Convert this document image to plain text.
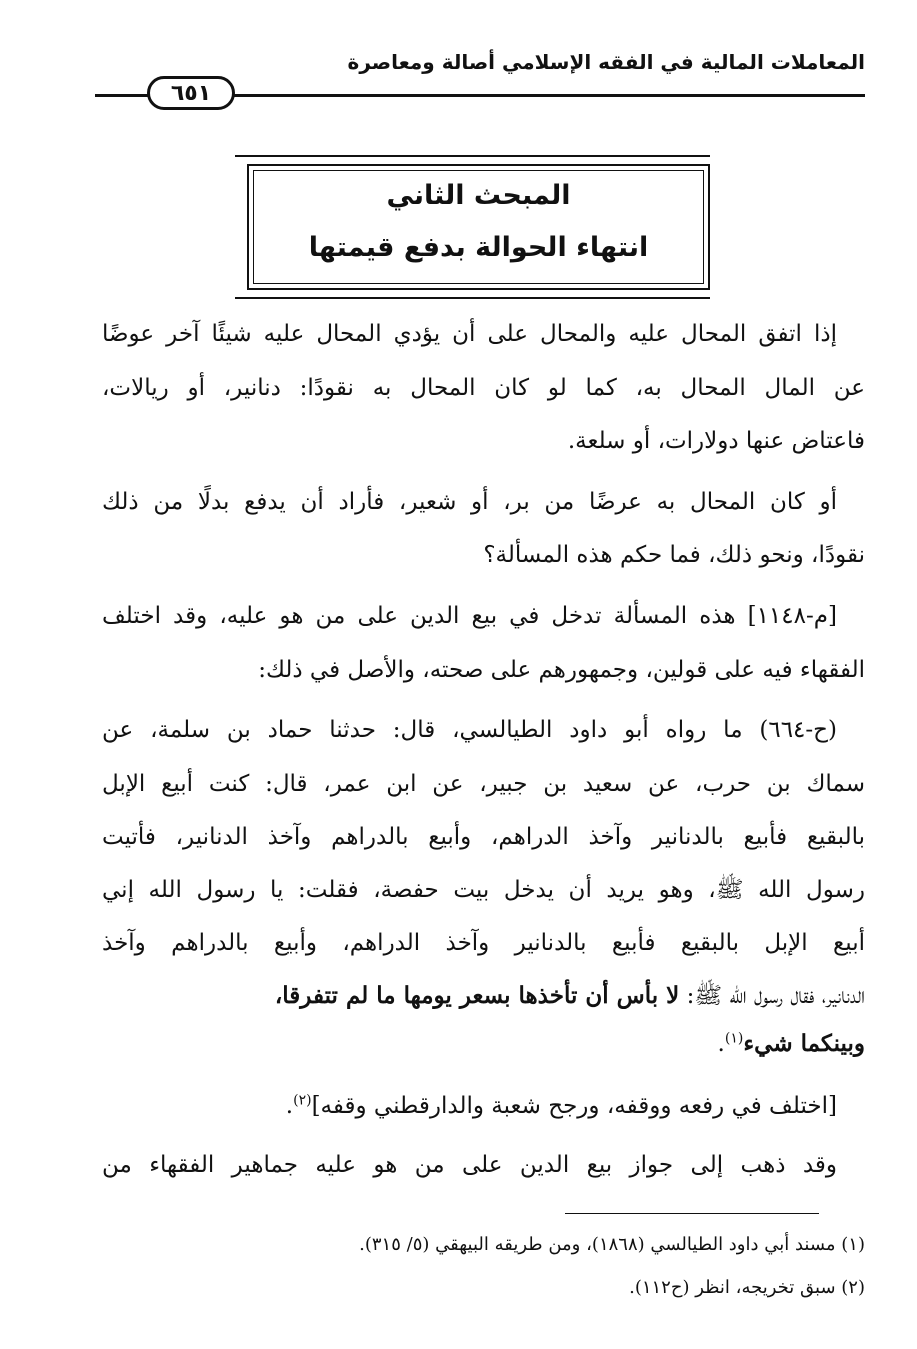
المعاملات المالية في الفقه الإسلامي أصالة ومعاصرة
٦٥١
المبحث الثاني
انتهاء الحوالة بدفع قيمتها
إذا اتفق المحال عليه والمحال على أن يؤدي المحال عليه شيئًا آخر عوضًا
عن المال المحال به، كما لو كان المحال به نقودًا: دنانير، أو ريالات،
فاعتاض عنها دولارات، أو سلعة.
أو كان المحال به عرضًا من بر، أو شعير، فأراد أن يدفع بدلًا من ذلك
نقودًا، ونحو ذلك، فما حكم هذه المسألة؟
[م-١١٤٨] هذه المسألة تدخل في بيع الدين على من هو عليه، وقد اختلف
الفقهاء فيه على قولين، وجمهورهم على صحته، والأصل في ذلك:
(ح-٦٦٤) ما رواه أبو داود الطيالسي، قال: حدثنا حماد بن سلمة، عن
سماك بن حرب، عن سعيد بن جبير، عن ابن عمر، قال: كنت أبيع الإبل
بالبقيع فأبيع بالدنانير وآخذ الدراهم، وأبيع بالدراهم وآخذ الدنانير، فأتيت
رسول الله ﷺ، وهو يريد أن يدخل بيت حفصة، فقلت: يا رسول الله إني
أبيع الإبل بالبقيع فأبيع بالدنانير وآخذ الدراهم، وأبيع بالدراهم وآخذ
الدنانير، فقال رسول الله ﷺ: لا بأس أن تأخذها بسعر يومها ما لم تتفرقا،
وبينكما شيء$^{(١)}$.
[اختلف في رفعه ووقفه، ورجح شعبة والدارقطني وقفه]$^{(٢)}$.
وقد ذهب إلى جواز بيع الدين على من هو عليه جماهير الفقهاء من
(١) مسند أبي داود الطيالسي (١٨٦٨)، ومن طريقه البيهقي (٥/ ٣١٥).
(٢) سبق تخريجه، انظر (ح١١٢).
